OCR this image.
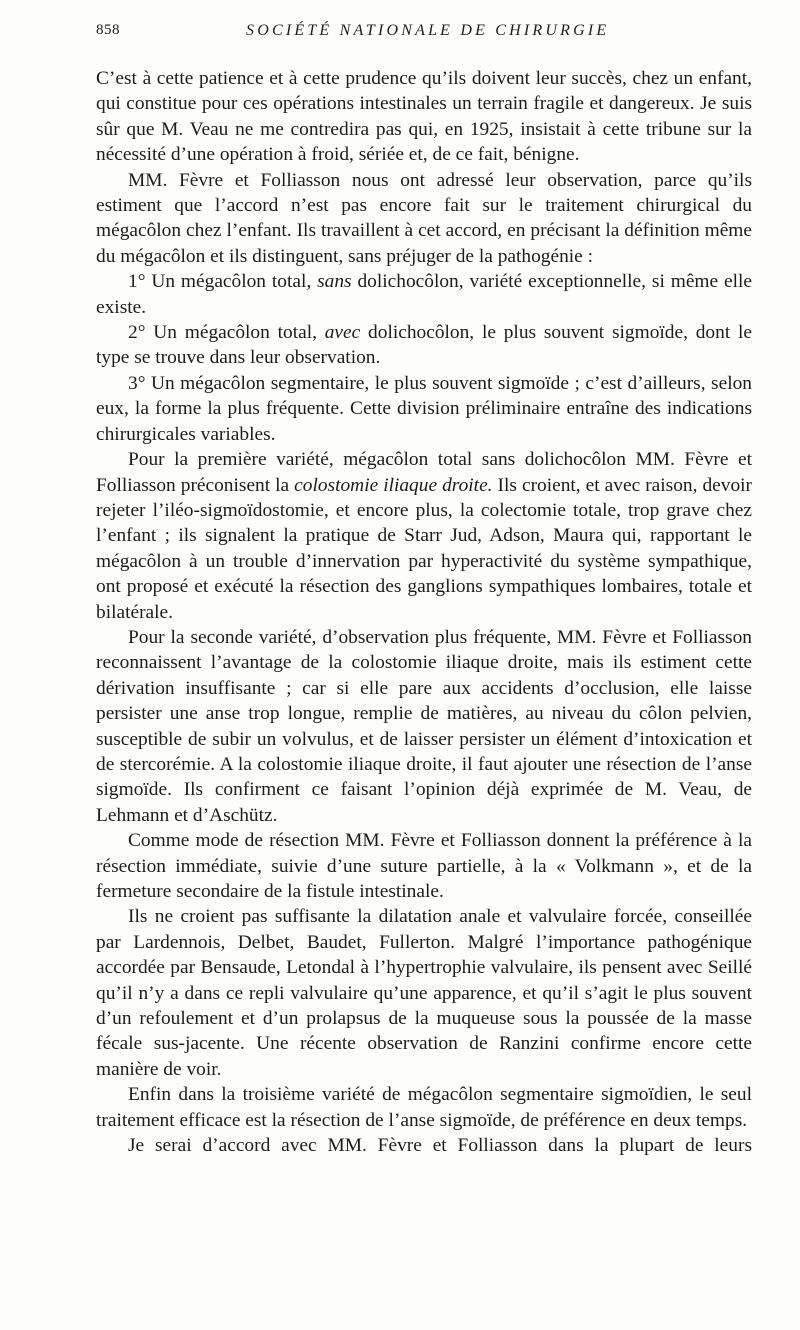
858	SOCIÉTÉ NATIONALE DE CHIRURGIE

C’est à cette patience et à cette prudence qu’ils doivent leur succès, chez un enfant, qui constitue pour ces opérations intestinales un terrain fragile et dangereux. Je suis sûr que M. Veau ne me contredira pas qui, en 1925, insistait à cette tribune sur la nécessité d’une opération à froid, sériée et, de ce fait, bénigne.

MM. Fèvre et Folliasson nous ont adressé leur observation, parce qu’ils estiment que l’accord n’est pas encore fait sur le traitement chirurgical du mégacôlon chez l’enfant. Ils travaillent à cet accord, en précisant la définition même du mégacôlon et ils distinguent, sans préjuger de la pathogénie :

1° Un mégacôlon total, sans dolichocôlon, variété exceptionnelle, si même elle existe.

2° Un mégacôlon total, avec dolichocôlon, le plus souvent sigmoïde, dont le type se trouve dans leur observation.

3° Un mégacôlon segmentaire, le plus souvent sigmoïde ; c’est d’ailleurs, selon eux, la forme la plus fréquente. Cette division préliminaire entraîne des indications chirurgicales variables.

Pour la première variété, mégacôlon total sans dolichocôlon MM. Fèvre et Folliasson préconisent la colostomie iliaque droite. Ils croient, et avec raison, devoir rejeter l’iléo-sigmoïdostomie, et encore plus, la colectomie totale, trop grave chez l’enfant ; ils signalent la pratique de Starr Jud, Adson, Maura qui, rapportant le mégacôlon à un trouble d’innervation par hyperactivité du système sympathique, ont proposé et exécuté la résection des ganglions sympathiques lombaires, totale et bilatérale.

Pour la seconde variété, d’observation plus fréquente, MM. Fèvre et Folliasson reconnaissent l’avantage de la colostomie iliaque droite, mais ils estiment cette dérivation insuffisante ; car si elle pare aux accidents d’occlusion, elle laisse persister une anse trop longue, remplie de matières, au niveau du côlon pelvien, susceptible de subir un volvulus, et de laisser persister un élément d’intoxication et de stercorémie. A la colostomie iliaque droite, il faut ajouter une résection de l’anse sigmoïde. Ils confirment ce faisant l’opinion déjà exprimée de M. Veau, de Lehmann et d’Aschütz.

Comme mode de résection MM. Fèvre et Folliasson donnent la préférence à la résection immédiate, suivie d’une suture partielle, à la « Volkmann », et de la fermeture secondaire de la fistule intestinale.

Ils ne croient pas suffisante la dilatation anale et valvulaire forcée, conseillée par Lardennois, Delbet, Baudet, Fullerton. Malgré l’importance pathogénique accordée par Bensaude, Letondal à l’hypertrophie valvulaire, ils pensent avec Seillé qu’il n’y a dans ce repli valvulaire qu’une apparence, et qu’il s’agit le plus souvent d’un refoulement et d’un prolapsus de la muqueuse sous la poussée de la masse fécale sus-jacente. Une récente observation de Ranzini confirme encore cette manière de voir.

Enfin dans la troisième variété de mégacôlon segmentaire sigmoïdien, le seul traitement efficace est la résection de l’anse sigmoïde, de préférence en deux temps.

Je serai d’accord avec MM. Fèvre et Folliasson dans la plupart de leurs
